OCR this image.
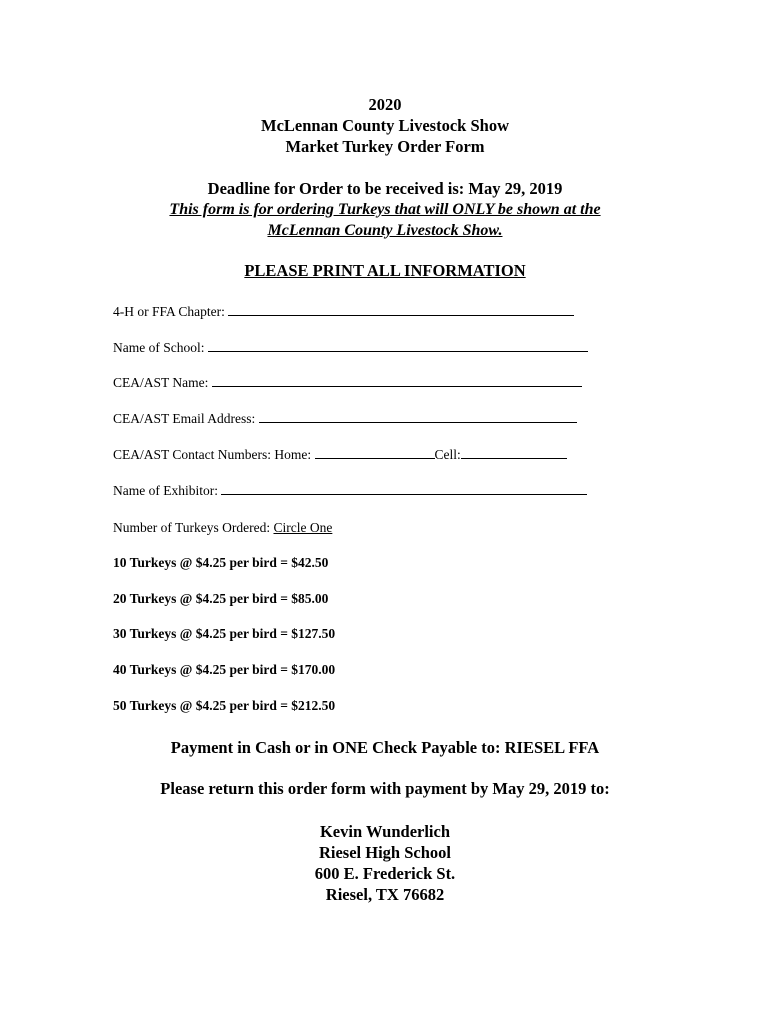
2020
McLennan County Livestock Show
Market Turkey Order Form
Deadline for Order to be received is: May 29, 2019
This form is for ordering Turkeys that will ONLY be shown at the
McLennan County Livestock Show.
PLEASE PRINT ALL INFORMATION
4-H or FFA Chapter:
Name of School:
CEA/AST Name:
CEA/AST Email Address:
CEA/AST Contact Numbers: Home:	Cell:
Name of Exhibitor:
Number of Turkeys Ordered: Circle One
10 Turkeys @ $4.25 per bird = $42.50
20 Turkeys @ $4.25 per bird = $85.00
30 Turkeys @ $4.25 per bird = $127.50
40 Turkeys @ $4.25 per bird = $170.00
50 Turkeys @ $4.25 per bird = $212.50
Payment in Cash or in ONE Check Payable to: RIESEL FFA
Please return this order form with payment by May 29, 2019 to:
Kevin Wunderlich
Riesel High School
600 E. Frederick St.
Riesel, TX 76682
